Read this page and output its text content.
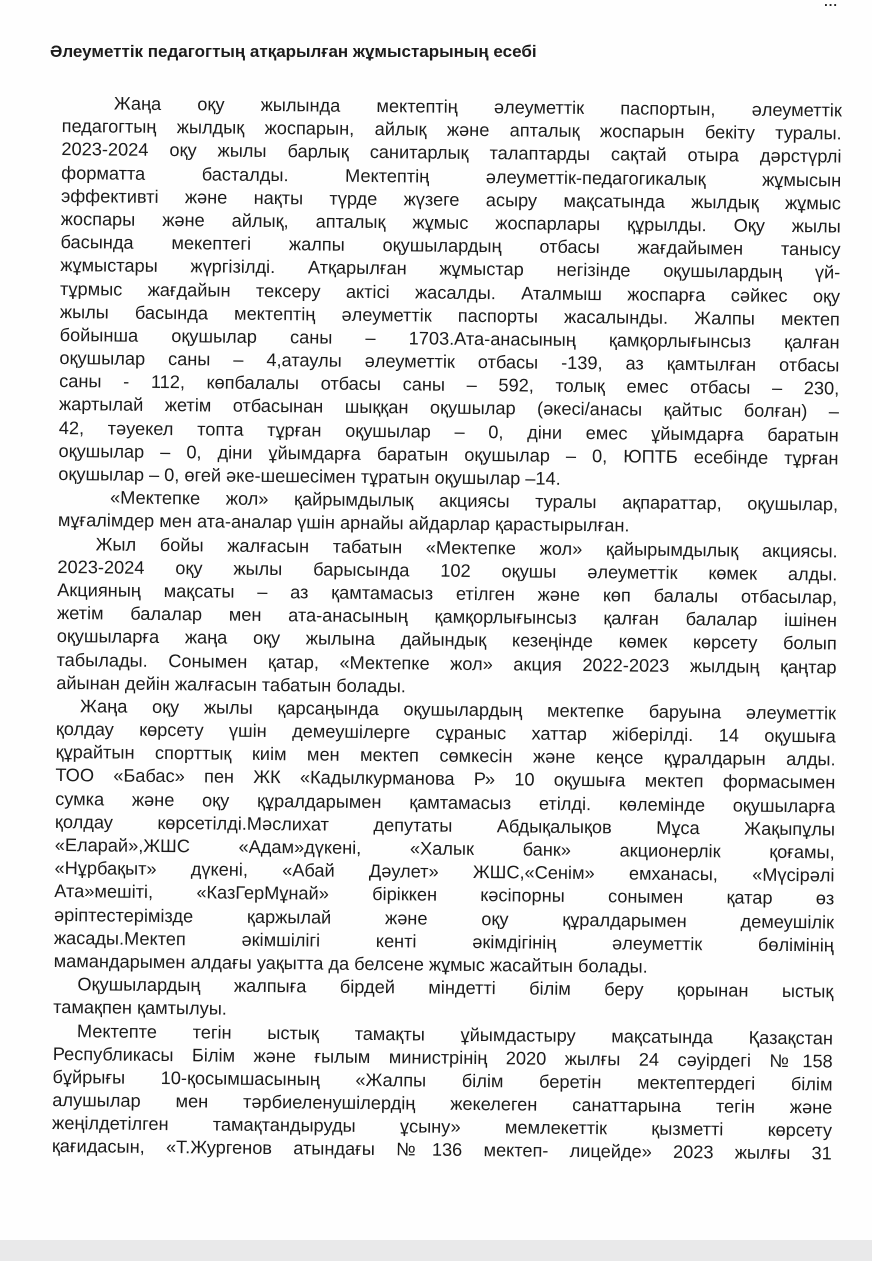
...
Әлеуметтік педагогтың атқарылған жұмыстарының есебі
Жаңа оқу жылында мектептің әлеуметтік паспортын, әлеуметтік
педагогтың жылдық жоспарын, айлық және апталық жоспарын бекіту туралы.
2023-2024 оқу жылы барлық санитарлық талаптарды сақтай отыра дәрстүрлі
форматта басталды. Мектептің әлеуметтік-педагогикалық жұмысын
эффективті және нақты түрде жүзеге асыру мақсатында жылдық жұмыс
жоспары және айлық, апталық жұмыс жоспарлары құрылды. Оқу жылы
басында мекептегі жалпы оқушылардың отбасы жағдайымен танысу
жұмыстары жүргізілді. Атқарылған жұмыстар негізінде оқушылардың үй-
тұрмыс жағдайын тексеру актісі жасалды. Аталмыш жоспарға сәйкес оқу
жылы басында мектептің әлеуметтік паспорты жасалынды. Жалпы мектеп
бойынша оқушылар саны – 1703.Ата-анасының қамқорлығынсыз қалған
оқушылар саны – 4,атаулы әлеуметтік отбасы -139, аз қамтылған отбасы
саны - 112, көпбалалы отбасы саны – 592, толық емес отбасы – 230,
жартылай жетім отбасынан шыққан оқушылар (әкесі/анасы қайтыс болған) –
42, тәуекел топта тұрған оқушылар – 0, діни емес ұйымдарға баратын
оқушылар – 0, діни ұйымдарға баратын оқушылар – 0, ЮПТБ есебінде тұрған
оқушылар – 0, өгей әке-шешесімен тұратын оқушылар –14.
«Мектепке жол» қайрымдылық акциясы туралы ақпараттар, оқушылар,
мұғалімдер мен ата-аналар үшін арнайы айдарлар қарастырылған.
Жыл бойы жалғасын табатын «Мектепке жол» қайырымдылық акциясы.
2023-2024 оқу жылы барысында 102 оқушы әлеуметтік көмек алды.
Акцияның мақсаты – аз қамтамасыз етілген және көп балалы отбасылар,
жетім балалар мен ата-анасының қамқорлығынсыз қалған балалар ішінен
оқушыларға жаңа оқу жылына дайындық кезеңінде көмек көрсету болып
табылады. Сонымен қатар, «Мектепке жол» акция 2022-2023 жылдың қаңтар
айынан дейін жалғасын табатын болады.
Жаңа оқу жылы қарсаңында оқушылардың мектепке баруына әлеуметтік
қолдау көрсету үшін демеушілерге сұраныс хаттар жіберілді. 14 оқушыға
құрайтын спорттық киім мен мектеп сөмкесін және кеңсе құралдарын алды.
ТОО «Бабас» пен ЖК «Кадылкурманова Р» 10 оқушыға мектеп формасымен
сумка және оқу құралдарымен қамтамасыз етілді. көлемінде оқушыларға
қолдау көрсетілді.Мәслихат депутаты Абдықалықов Мұса Жақыпұлы
«Еларай»,ЖШС «Адам»дүкені, «Халык банк» акционерлік қоғамы,
«Нұрбақыт» дүкені, «Абай Дәулет» ЖШС,«Сенім» емханасы, «Мүсірәлі
Ата»мешіті, «КазГерМұнай» біріккен кәсіпорны сонымен қатар өз
әріптестерімізде қаржылай және оқу құралдарымен демеушілік
жасады.Мектеп әкімшілігі кенті әкімдігінің әлеуметтік бөлімінің
мамандарымен алдағы уақытта да белсене жұмыс жасайтын болады.
Оқушылардың жалпыға бірдей міндетті білім беру қорынан ыстық
тамақпен қамтылуы.
Мектепте тегін ыстық тамақты ұйымдастыру мақсатында Қазақстан
Республикасы Білім және ғылым министрінің 2020 жылғы 24 сәуірдегі №158
бұйрығы 10-қосымшасының «Жалпы білім беретін мектептердегі білім
алушылар мен тәрбиеленушілердің жекелеген санаттарына тегін және
жеңілдетілген тамақтандыруды ұсыну» мемлекеттік қызметті көрсету
қағидасын, «Т.Жургенов атындағы №136 мектеп- лицейде» 2023 жылғы 31
